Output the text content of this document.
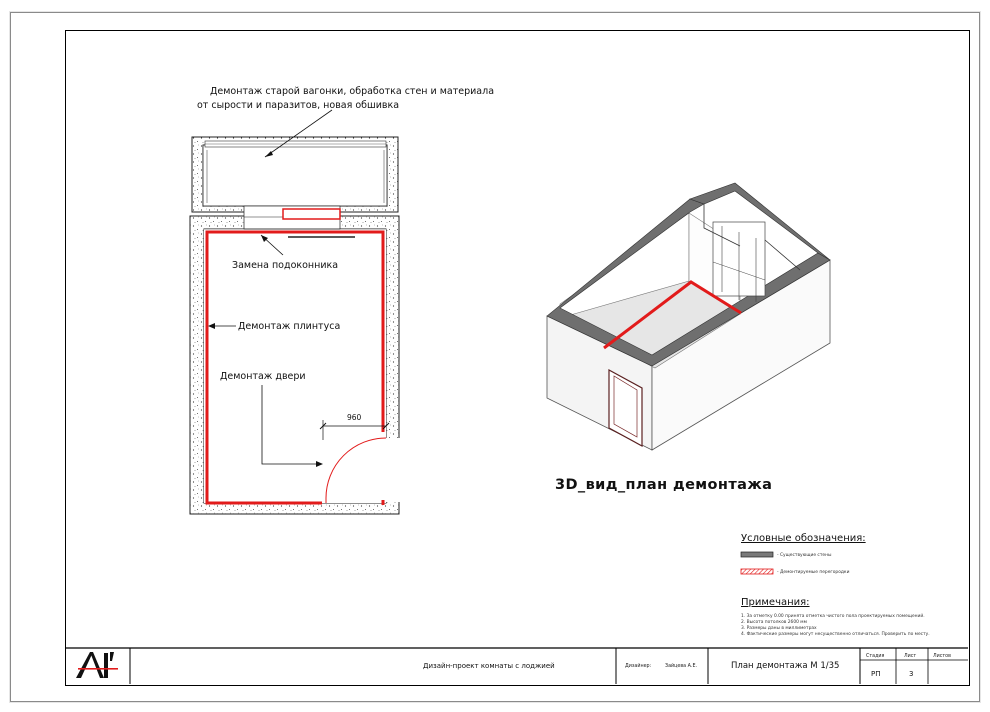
960
Демонтаж старой вагонки, обработка стен и материала
от сырости и паразитов, новая обшивка
Замена подоконника
Демонтаж плинтуса
Демонтаж двери
3D_вид_план демонтажа
Условные обозначения:
- Существующие стены
- Демонтируемые перегородки
Примечания:
1. За отметку 0.00 принята отметка чистого пола проектируемых помещений.
2. Высота потолков 2600 мм
3. Размеры даны в миллиметрах
4. Фактические размеры могут несущественно отличаться. Проверить по месту.
Дизайн-проект комнаты с лоджией	Дизайнер:	Зайцева А.Е.	План демонтажа М 1/35
Стадия	Лист	Листов
РП	3
